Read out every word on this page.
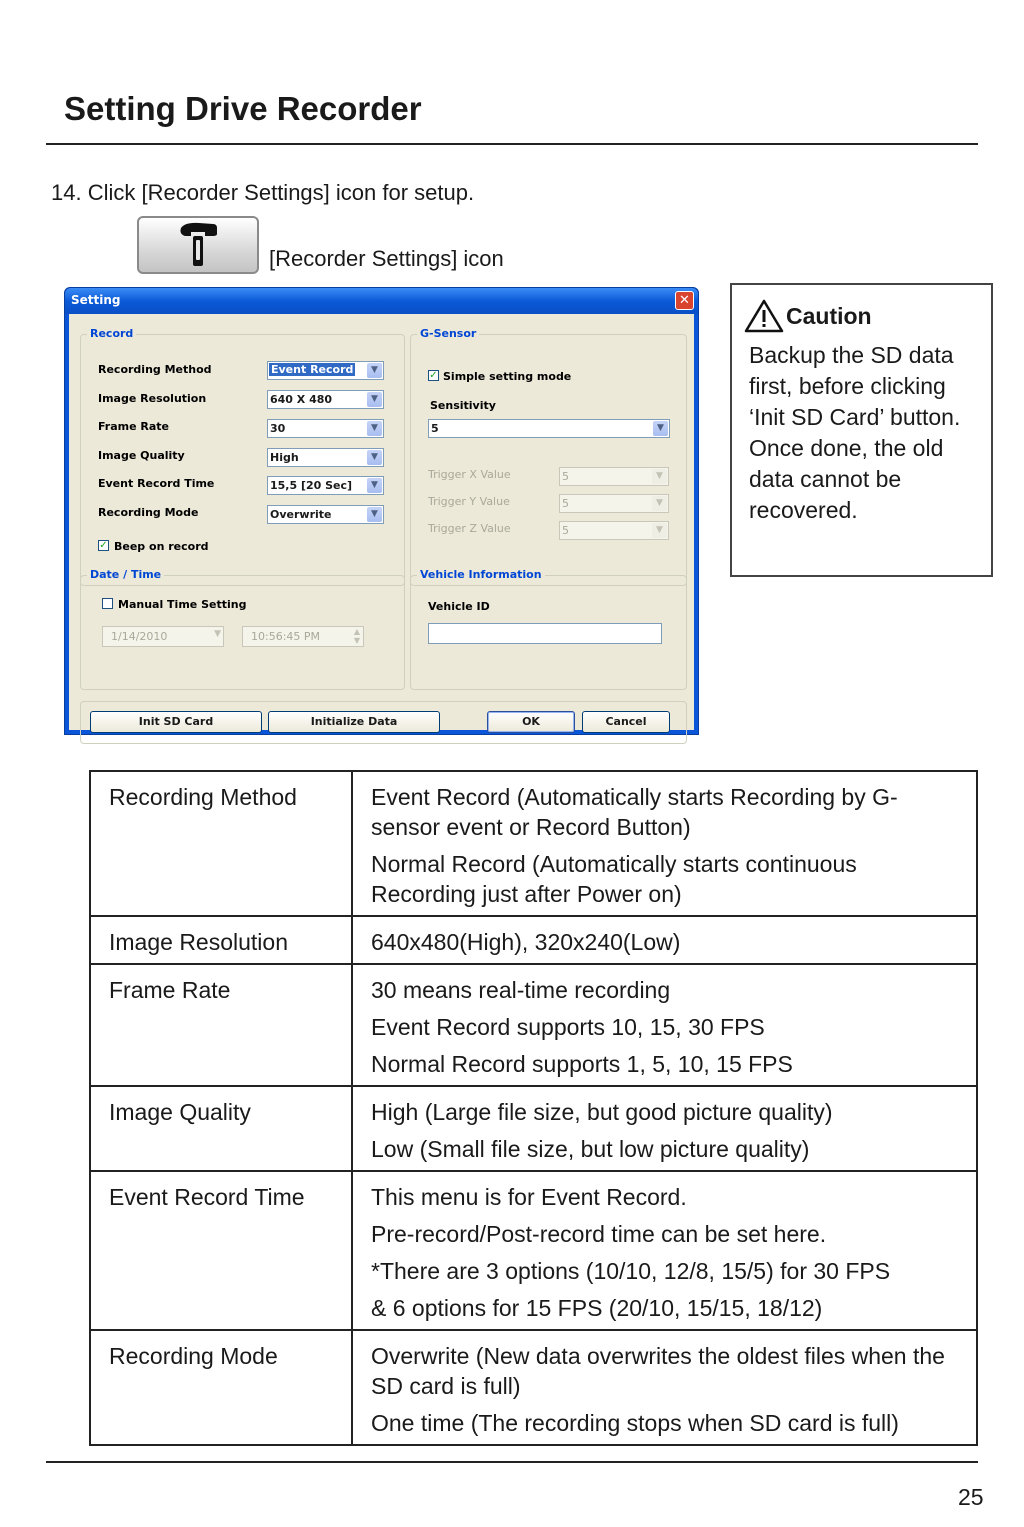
Setting Drive Recorder
14. Click [Recorder Settings] icon for setup.
[Recorder Settings] icon
Setting	✕
Record
Recording Method	Event Record	▼
Image Resolution	640 X 480	▼
Frame Rate	30	▼
Image Quality	High	▼
Event Record Time	15,5 [20 Sec]	▼
Recording Mode	Overwrite	▼
✓ Beep on record
G-Sensor
✓ Simple setting mode
Sensitivity
5	▼
Trigger X Value	5	▼
Trigger Y Value	5	▼
Trigger Z Value	5	▼
Date / Time
Manual Time Setting
1/14/2010	▼	10:56:45 PM	▲
▼
Vehicle Information
Vehicle ID
Init SD Card	Initialize Data	OK	Cancel
Caution
Backup the SD data first, before clicking ‘Init SD Card’ button. Once done, the old data cannot be recovered.
Recording Method	Event Record (Automatically starts Recording by G-sensor event or Record Button)

Normal Record (Automatically starts continuous Recording just after Power on)

Image Resolution	640x480(High), 320x240(Low)

Frame Rate	30 means real-time recording

Event Record supports 10, 15, 30 FPS

Normal Record supports 1, 5, 10, 15 FPS

Image Quality	High (Large file size, but good picture quality)

Low (Small file size, but low picture quality)

Event Record Time	This menu is for Event Record.

Pre-record/Post-record time can be set here.

*There are 3 options (10/10, 12/8, 15/5) for 30 FPS

& 6 options for 15 FPS (20/10, 15/15, 18/12)

Recording Mode	Overwrite (New data overwrites the oldest files when the SD card is full)

One time (The recording stops when SD card is full)

25
